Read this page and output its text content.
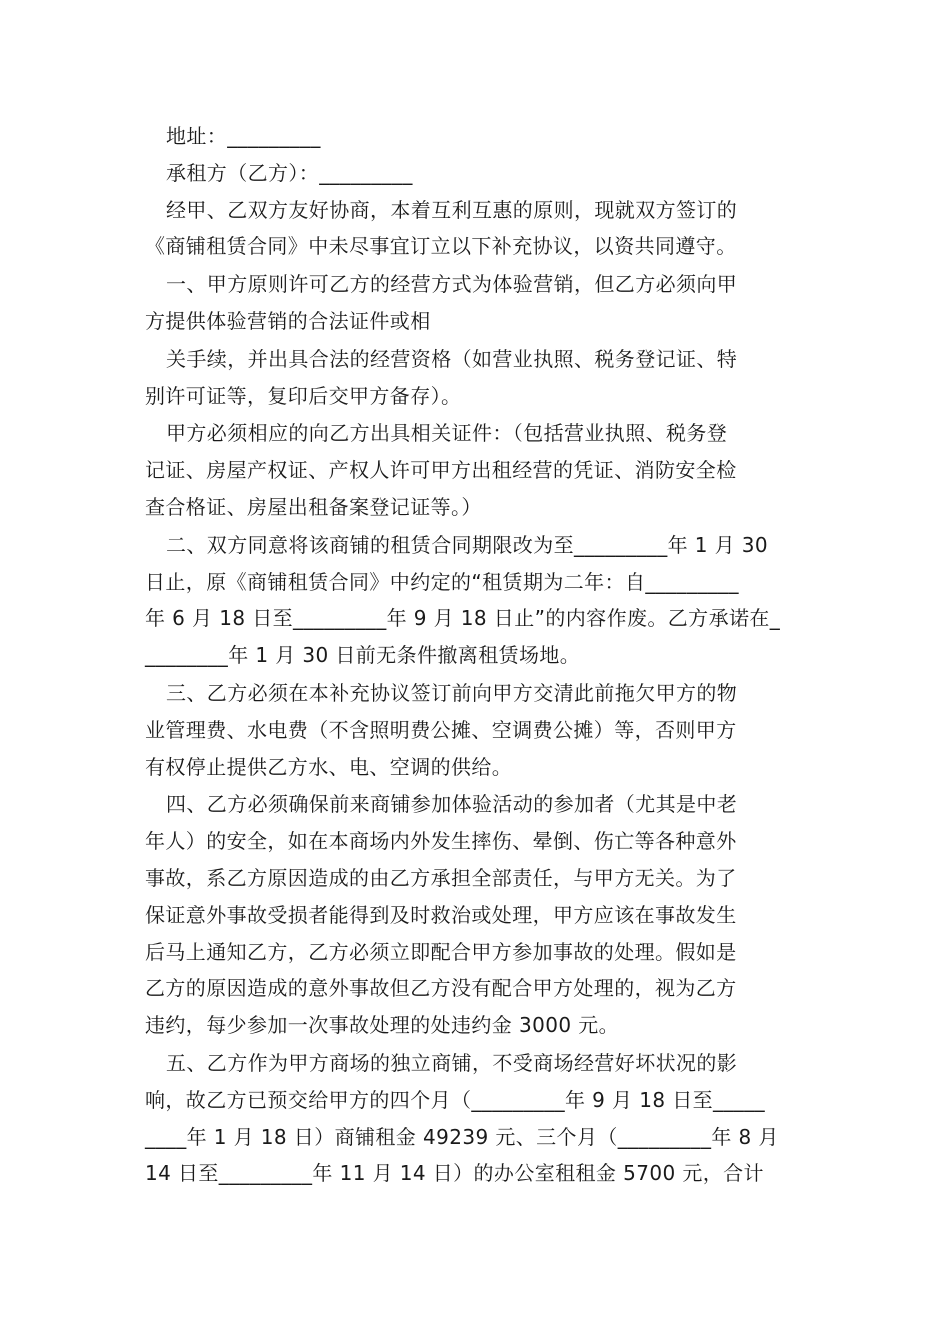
地址：_________

承租方（乙方）：_________

经甲、乙双方友好协商，本着互利互惠的原则，现就双方签订的

《商铺租赁合同》中未尽事宜订立以下补充协议，以资共同遵守。

一、甲方原则许可乙方的经营方式为体验营销，但乙方必须向甲

方提供体验营销的合法证件或相

关手续，并出具合法的经营资格（如营业执照、税务登记证、特

别许可证等，复印后交甲方备存）。

甲方必须相应的向乙方出具相关证件：（包括营业执照、税务登

记证、房屋产权证、产权人许可甲方出租经营的凭证、消防安全检

查合格证、房屋出租备案登记证等。）

二、双方同意将该商铺的租赁合同期限改为至_________年 1 月 30

日止，原《商铺租赁合同》中约定的“租赁期为二年：自_________

年 6 月 18 日至_________年 9 月 18 日止”的内容作废。乙方承诺在_

________年 1 月 30 日前无条件撤离租赁场地。

三、乙方必须在本补充协议签订前向甲方交清此前拖欠甲方的物

业管理费、水电费（不含照明费公摊、空调费公摊）等，否则甲方

有权停止提供乙方水、电、空调的供给。

四、乙方必须确保前来商铺参加体验活动的参加者（尤其是中老

年人）的安全，如在本商场内外发生摔伤、晕倒、伤亡等各种意外

事故，系乙方原因造成的由乙方承担全部责任，与甲方无关。为了

保证意外事故受损者能得到及时救治或处理，甲方应该在事故发生

后马上通知乙方，乙方必须立即配合甲方参加事故的处理。假如是

乙方的原因造成的意外事故但乙方没有配合甲方处理的，视为乙方

违约，每少参加一次事故处理的处违约金 3000 元。

五、乙方作为甲方商场的独立商铺，不受商场经营好坏状况的影

响，故乙方已预交给甲方的四个月（_________年 9 月 18 日至_____

____年 1 月 18 日）商铺租金 49239 元、三个月（_________年 8 月

14 日至_________年 11 月 14 日）的办公室租租金 5700 元，合计
